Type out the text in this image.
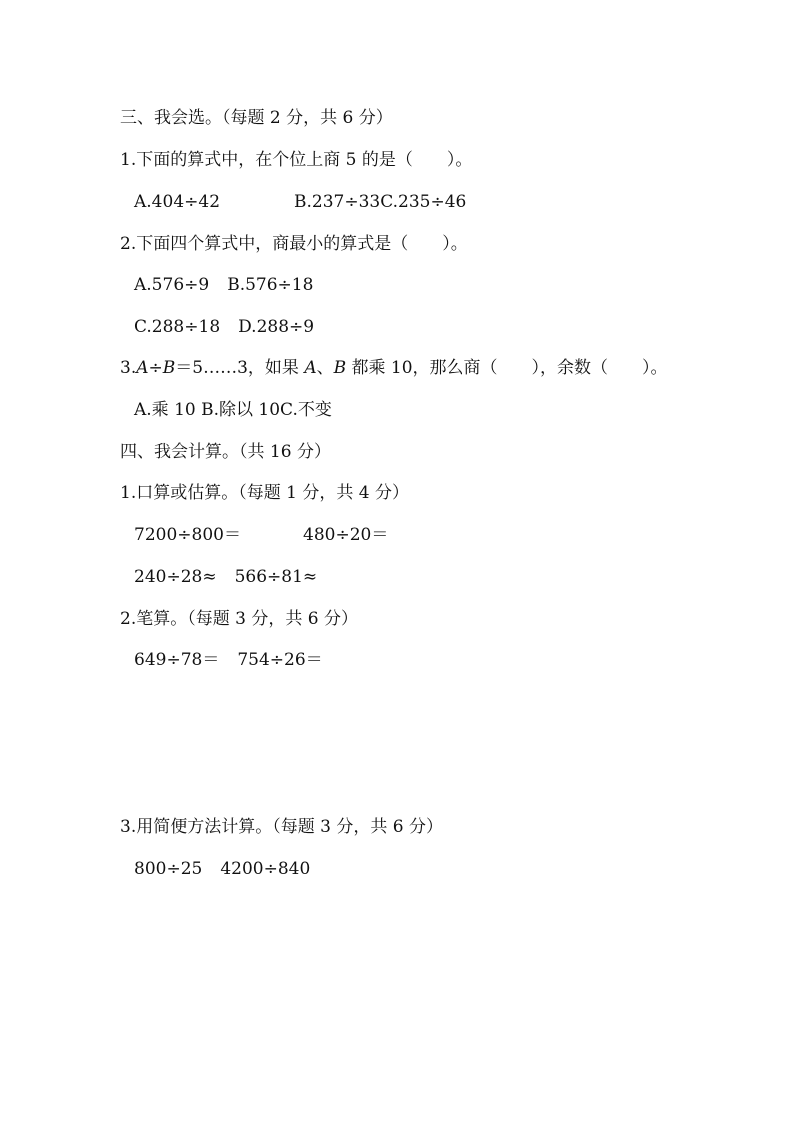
三、我会选。（每题 2 分，共 6 分）
1.下面的算式中，在个位上商 5 的是（ ）。
A.404÷42	B.237÷33C.235÷46
2.下面四个算式中，商最小的算式是（ ）。
A.576÷9 B.576÷18
C.288÷18 D.288÷9
3.A÷B＝5……3，如果 A、B 都乘 10，那么商（ ），余数（ ）。
A.乘 10 B.除以 10C.不变
四、我会计算。（共 16 分）
1.口算或估算。（每题 1 分，共 4 分）
7200÷800＝	480÷20＝
240÷28≈ 566÷81≈
2.笔算。（每题 3 分，共 6 分）
649÷78＝ 754÷26＝
3.用简便方法计算。（每题 3 分，共 6 分）
800÷25 4200÷840
